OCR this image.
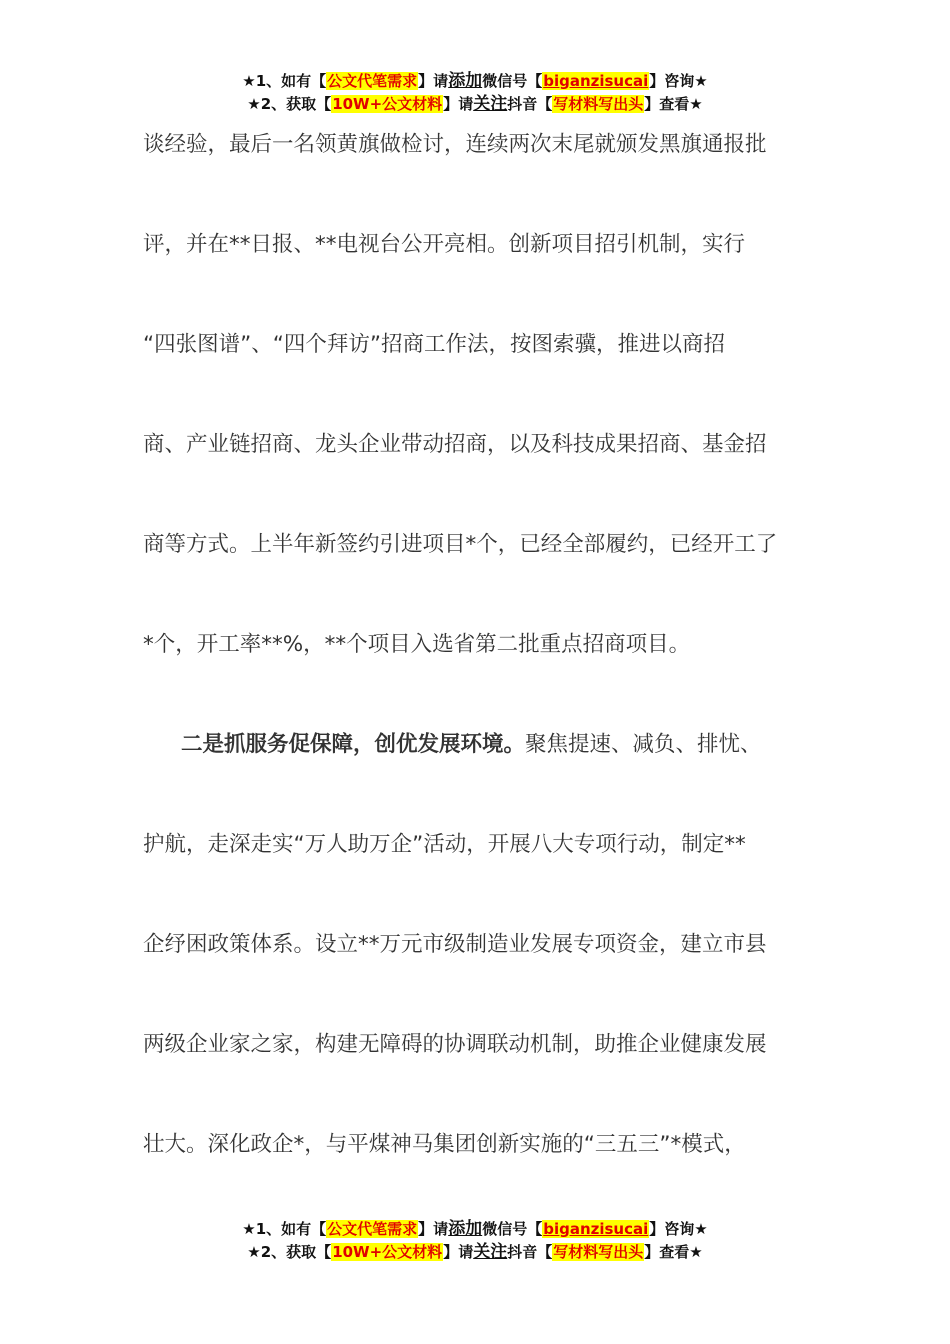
★1、如有【公文代笔需求】请添加微信号【biganzisucai】咨询★
★2、获取【10W+公文材料】请关注抖音【写材料写出头】查看★
谈经验，最后一名领黄旗做检讨，连续两次末尾就颁发黑旗通报批
评，并在**日报、**电视台公开亮相。创新项目招引机制，实行
“四张图谱”、“四个拜访”招商工作法，按图索骥，推进以商招
商、产业链招商、龙头企业带动招商，以及科技成果招商、基金招
商等方式。上半年新签约引进项目*个，已经全部履约，已经开工了
*个，开工率**%，**个项目入选省第二批重点招商项目。
二是抓服务促保障，创优发展环境。聚焦提速、减负、排忧、
护航，走深走实“万人助万企”活动，开展八大专项行动，制定**
企纾困政策体系。设立**万元市级制造业发展专项资金，建立市县
两级企业家之家，构建无障碍的协调联动机制，助推企业健康发展
壮大。深化政企*，与平煤神马集团创新实施的“三五三”*模式，
★1、如有【公文代笔需求】请添加微信号【biganzisucai】咨询★
★2、获取【10W+公文材料】请关注抖音【写材料写出头】查看★
